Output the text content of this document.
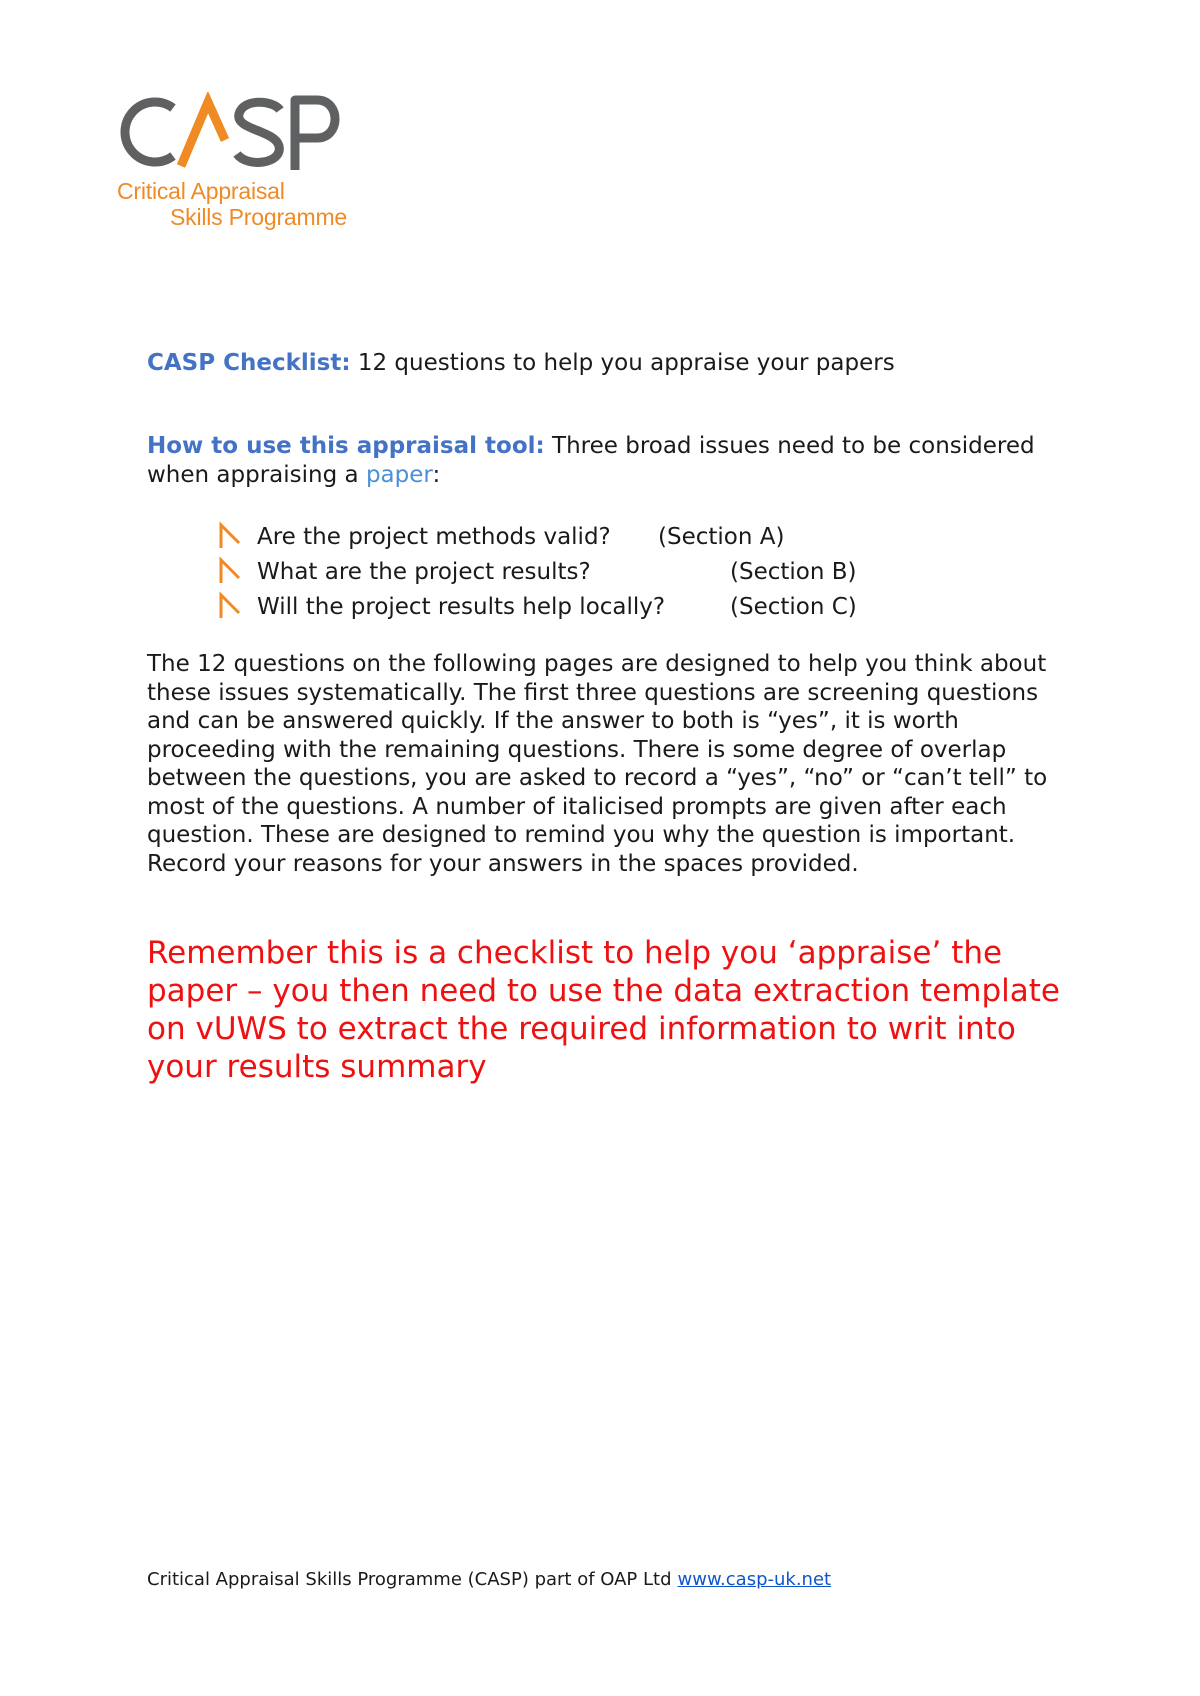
Critical Appraisal
Skills Programme
CASP Checklist: 12 questions to help you appraise your papers
How to use this appraisal tool: Three broad issues need to be considered when appraising a paper:
Are the project methods valid? (Section A)
What are the project results?	(Section B)
Will the project results help locally?	(Section C)
The 12 questions on the following pages are designed to help you think about these issues systematically. The first three questions are screening questions and can be answered quickly. If the answer to both is “yes”, it is worth proceeding with the remaining questions. There is some degree of overlap between the questions, you are asked to record a “yes”, “no” or “can’t tell” to most of the questions. A number of italicised prompts are given after each question. These are designed to remind you why the question is important. Record your reasons for your answers in the spaces provided.
Remember this is a checklist to help you ‘appraise’ the paper – you then need to use the data extraction template on vUWS to extract the required information to writ into your results summary
Critical Appraisal Skills Programme (CASP) part of OAP Ltd www.casp-uk.net
